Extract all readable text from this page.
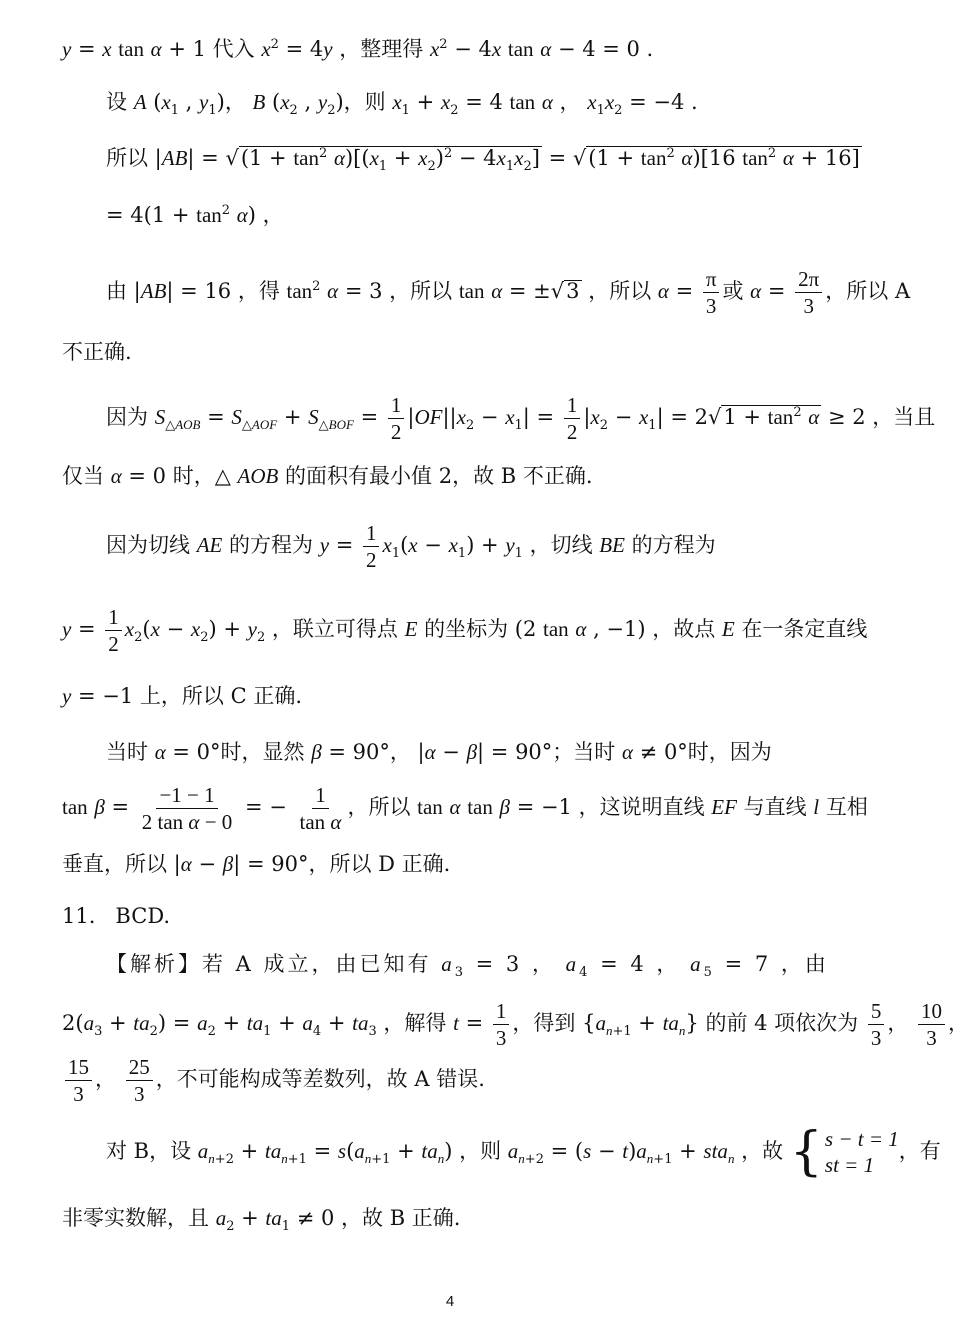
y = x tan α + 1 代入 $x^2 = 4y$ ，整理得 $x^2 - 4x$ tan α − 4 = 0 .
设 A ($x_1$ , $y_1$)， B ($x_2$ , $y_2$)，则 $x_1 + x_2 = 4$ tan α ， $x_1x_2 = -4$ .
所以 $|AB| = √(1 + \tan^2 \alpha)[(x_1 + x_2)^2 - 4x_1x_2] = √(1 + \tan^2 \alpha)[16$ $\tan^2 \alpha + 16$]
= $4(1 + \tan^2 \alpha)$ ，
由 |AB| = 16 ，得 $\tan^2 \alpha = 3$ ，所以 tan α = ±√3 ，所以 $\alpha = \frac{\pi}{3}$ 或 $\alpha = \frac{2\pi}{3}$ ，所以 A
不正确.
因为 $S_{\triangle AOB} = S_{\triangle AOF} + S_{\triangle BOF} = \frac{1}{2} |OF||x_2 - x_1| = \frac{1}{2} |x_2 - x_1| = 2√1 + \tan^2 \alpha \ge 2$ ，当且
仅当 α = 0 时，△ AOB 的面积有最小值 2，故 B 不正确.
因为切线 AE 的方程为 $y = \frac{1}{2} x_1(x - x_1) + y_1$ ，切线 BE 的方程为
$y = \frac{1}{2} x_2(x - x_2) + y_2$ ，联立可得点 E 的坐标为 (2 tan α , −1) ，故点 E 在一条定直线
y = −1 上，所以 C 正确.
当时 α = 0°时，显然 β = 90°， |α − β| = 90°；当时 α ≠ 0°时，因为
$\tan \beta = \frac{-1 - 1}{\text{2 tan α − 0}}$ = − $\frac{1}{\text{tan α}}$ ，所以 tan α tan β = −1 ，这说明直线 EF 与直线 l 互相
垂直，所以 |α − β| = 90°，所以 D 正确.
11.   BCD.
【解析】若 A 成立，由已知有 $a_3 = 3$ ， $a_4 = 4$ ， $a_5 = 7$ ，由
$2(a_3 + ta_2) = a_2 + ta_1 + a_4 + ta_3$ ，解得 $t = \frac{1}{3}$ ，得到 $\{a_{n+1} + ta_n\}$ 的前 4 项依次为 $\frac{5}{3}$ ， $\frac{10}{3}$ ，
$\frac{15}{3}$ ， $\frac{25}{3}$ ，不可能构成等差数列，故 A 错误.
对 B，设 $a_{n+2} + ta_{n+1} = s(a_{n+1} + ta_n)$ ，则 $a_{n+2} = (s - t)a_{n+1} + sta_n$ ，故 { s − t = 1
st = 1
，有
非零实数解，且 $a_2 + ta_1 \ne 0$ ，故 B 正确.
4
